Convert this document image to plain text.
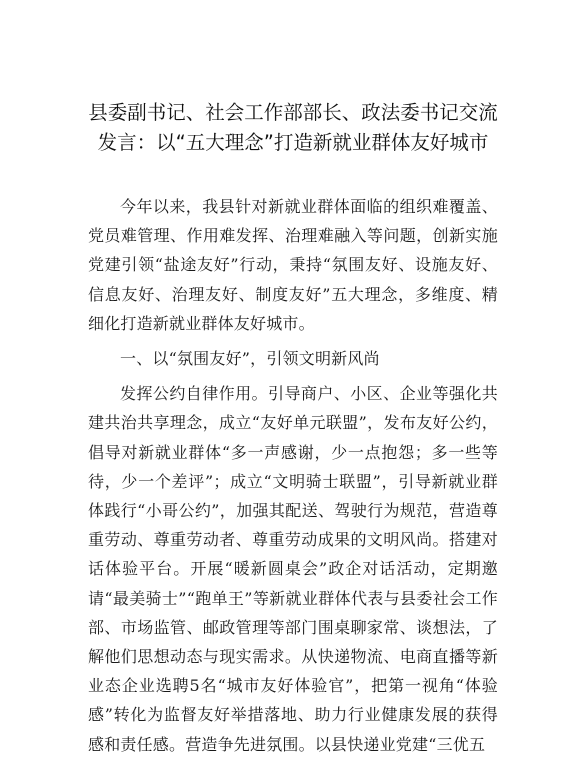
县委副书记、社会工作部部长、政法委书记交流发言：以“五大理念”打造新就业群体友好城市

今年以来，我县针对新就业群体面临的组织难覆盖、党员难管理、作用难发挥、治理难融入等问题，创新实施党建引领“盐途友好”行动，秉持“氛围友好、设施友好、信息友好、治理友好、制度友好”五大理念，多维度、精细化打造新就业群体友好城市。

一、以“氛围友好”，引领文明新风尚

发挥公约自律作用。引导商户、小区、企业等强化共建共治共享理念，成立“友好单元联盟”，发布友好公约，倡导对新就业群体“多一声感谢，少一点抱怨；多一些等待，少一个差评”；成立“文明骑士联盟”，引导新就业群体践行“小哥公约”，加强其配送、驾驶行为规范，营造尊重劳动、尊重劳动者、尊重劳动成果的文明风尚。搭建对话体验平台。开展“暖新圆桌会”政企对话活动，定期邀请“最美骑士”“跑单王”等新就业群体代表与县委社会工作部、市场监管、邮政管理等部门围桌聊家常、谈想法，了解他们思想动态与现实需求。从快递物流、电商直播等新业态企业选聘5名“城市友好体验官”，把第一视角“体验感”转化为监督友好举措落地、助力行业健康发展的获得感和责任感。营造争先进氛围。以县快递业党建“三优五
